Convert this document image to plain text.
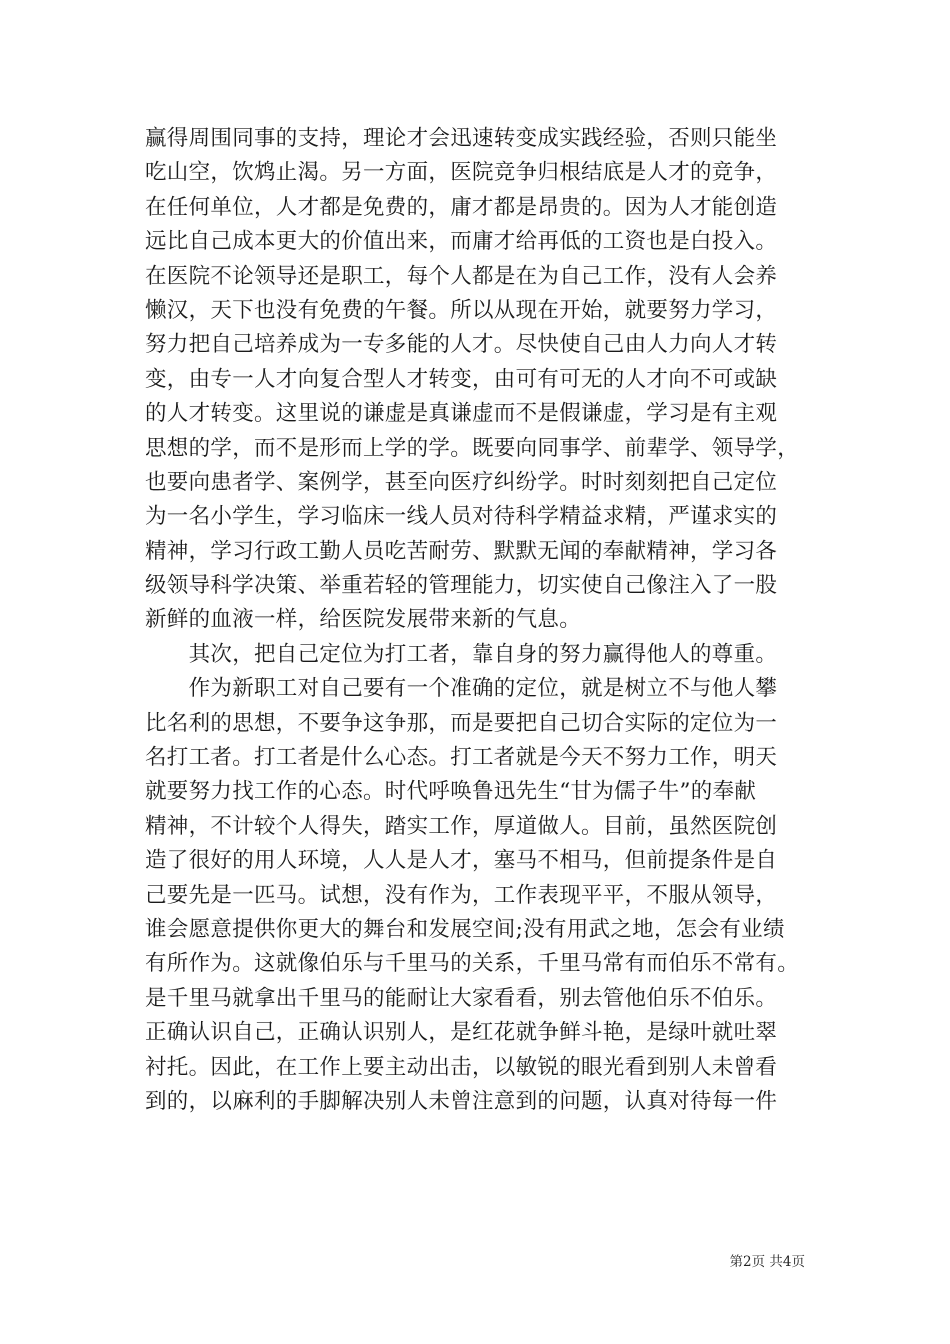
赢得周围同事的支持，理论才会迅速转变成实践经验，否则只能坐
吃山空，饮鸩止渴。另一方面，医院竞争归根结底是人才的竞争，
在任何单位，人才都是免费的，庸才都是昂贵的。因为人才能创造
远比自己成本更大的价值出来，而庸才给再低的工资也是白投入。
在医院不论领导还是职工，每个人都是在为自己工作，没有人会养
懒汉，天下也没有免费的午餐。所以从现在开始，就要努力学习，
努力把自己培养成为一专多能的人才。尽快使自己由人力向人才转
变，由专一人才向复合型人才转变，由可有可无的人才向不可或缺
的人才转变。这里说的谦虚是真谦虚而不是假谦虚，学习是有主观
思想的学，而不是形而上学的学。既要向同事学、前辈学、领导学，
也要向患者学、案例学，甚至向医疗纠纷学。时时刻刻把自己定位
为一名小学生，学习临床一线人员对待科学精益求精，严谨求实的
精神，学习行政工勤人员吃苦耐劳、默默无闻的奉献精神，学习各
级领导科学决策、举重若轻的管理能力，切实使自己像注入了一股
新鲜的血液一样，给医院发展带来新的气息。
　　其次，把自己定位为打工者，靠自身的努力赢得他人的尊重。
　　作为新职工对自己要有一个准确的定位，就是树立不与他人攀
比名利的思想，不要争这争那，而是要把自己切合实际的定位为一
名打工者。打工者是什么心态。打工者就是今天不努力工作，明天
就要努力找工作的心态。时代呼唤鲁迅先生“甘为儒子牛”的奉献
精神，不计较个人得失，踏实工作，厚道做人。目前，虽然医院创
造了很好的用人环境，人人是人才，塞马不相马，但前提条件是自
己要先是一匹马。试想，没有作为，工作表现平平，不服从领导，
谁会愿意提供你更大的舞台和发展空间;没有用武之地，怎会有业绩
有所作为。这就像伯乐与千里马的关系，千里马常有而伯乐不常有。
是千里马就拿出千里马的能耐让大家看看，别去管他伯乐不伯乐。
正确认识自己，正确认识别人，是红花就争鲜斗艳，是绿叶就吐翠
衬托。因此，在工作上要主动出击，以敏锐的眼光看到别人未曾看
到的，以麻利的手脚解决别人未曾注意到的问题，认真对待每一件
第2页 共4页
